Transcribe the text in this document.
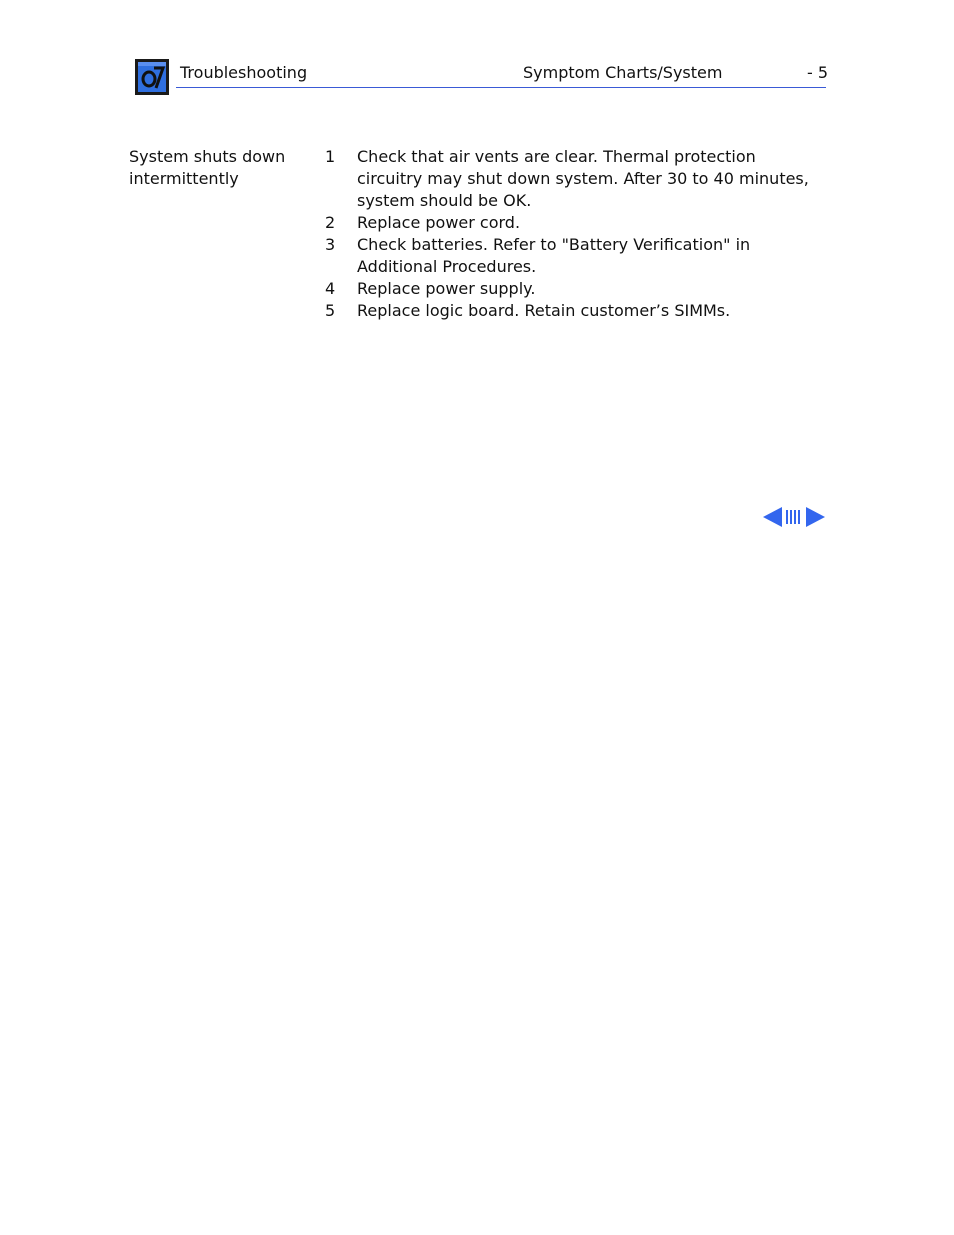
Troubleshooting	Symptom Charts/System	- 5
System shuts down intermittently
1 Check that air vents are clear. Thermal protection circuitry may shut down system. After 30 to 40 minutes, system should be OK.
2 Replace power cord.
3 Check batteries. Refer to "Battery Verification" in Additional Procedures.
4 Replace power supply.
5 Replace logic board. Retain customer’s SIMMs.
